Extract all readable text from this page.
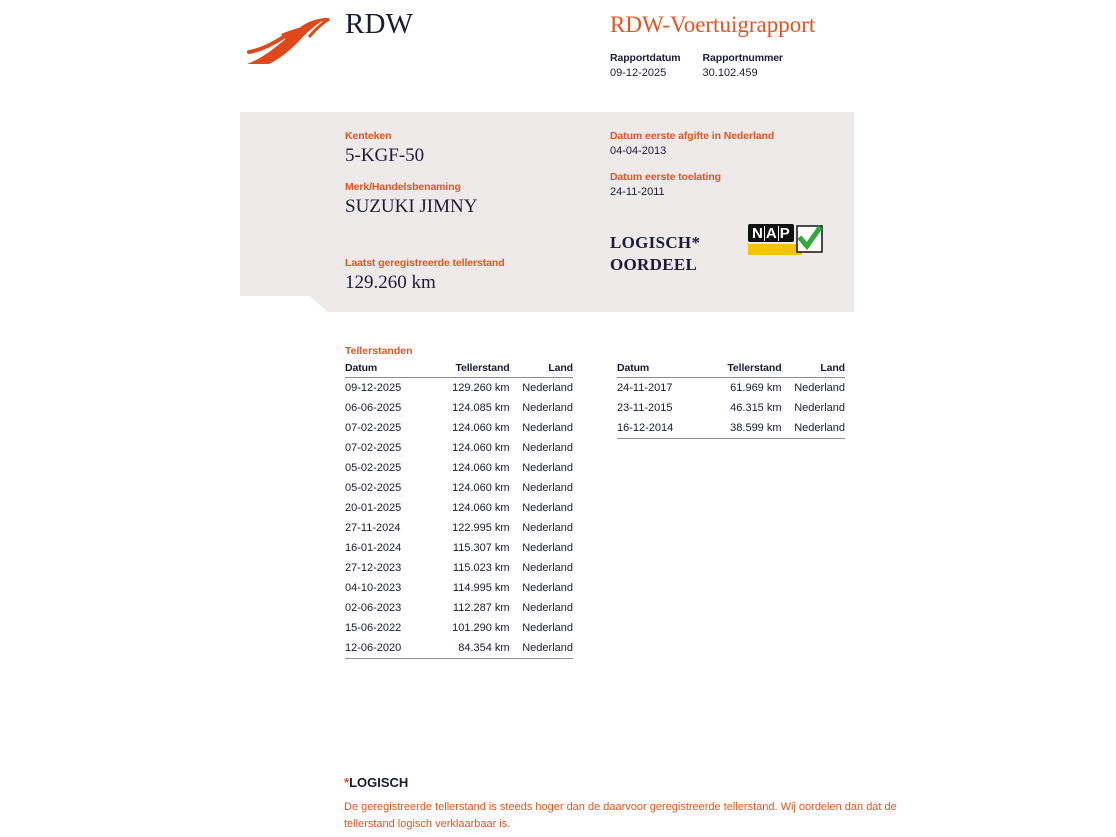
RDW	RDW-Voertuigrapport
Rapportdatum
09-12-2025
Rapportnummer
30.102.459
Kenteken
5-KGF-50
Merk/Handelsbenaming
SUZUKI JIMNY
Datum eerste afgifte in Nederland
04-04-2013
Datum eerste toelating
24-11-2011
Laatst geregistreerde tellerstand
129.260 km
LOGISCH*
OORDEEL
N A P
Tellerstanden
Datum	Tellerstand	Land
09-12-2025	129.260 km	Nederland
06-06-2025	124.085 km	Nederland
07-02-2025	124.060 km	Nederland
07-02-2025	124.060 km	Nederland
05-02-2025	124.060 km	Nederland
05-02-2025	124.060 km	Nederland
20-01-2025	124.060 km	Nederland
27-11-2024	122.995 km	Nederland
16-01-2024	115.307 km	Nederland
27-12-2023	115.023 km	Nederland
04-10-2023	114.995 km	Nederland
02-06-2023	112.287 km	Nederland
15-06-2022	101.290 km	Nederland
12-06-2020	84.354 km	Nederland
Datum	Tellerstand	Land
24-11-2017	61.969 km	Nederland
23-11-2015	46.315 km	Nederland
16-12-2014	38.599 km	Nederland
*LOGISCH
De geregistreerde tellerstand is steeds hoger dan de daarvoor geregistreerde tellerstand. Wij oordelen dan dat de tellerstand logisch verklaarbaar is.
